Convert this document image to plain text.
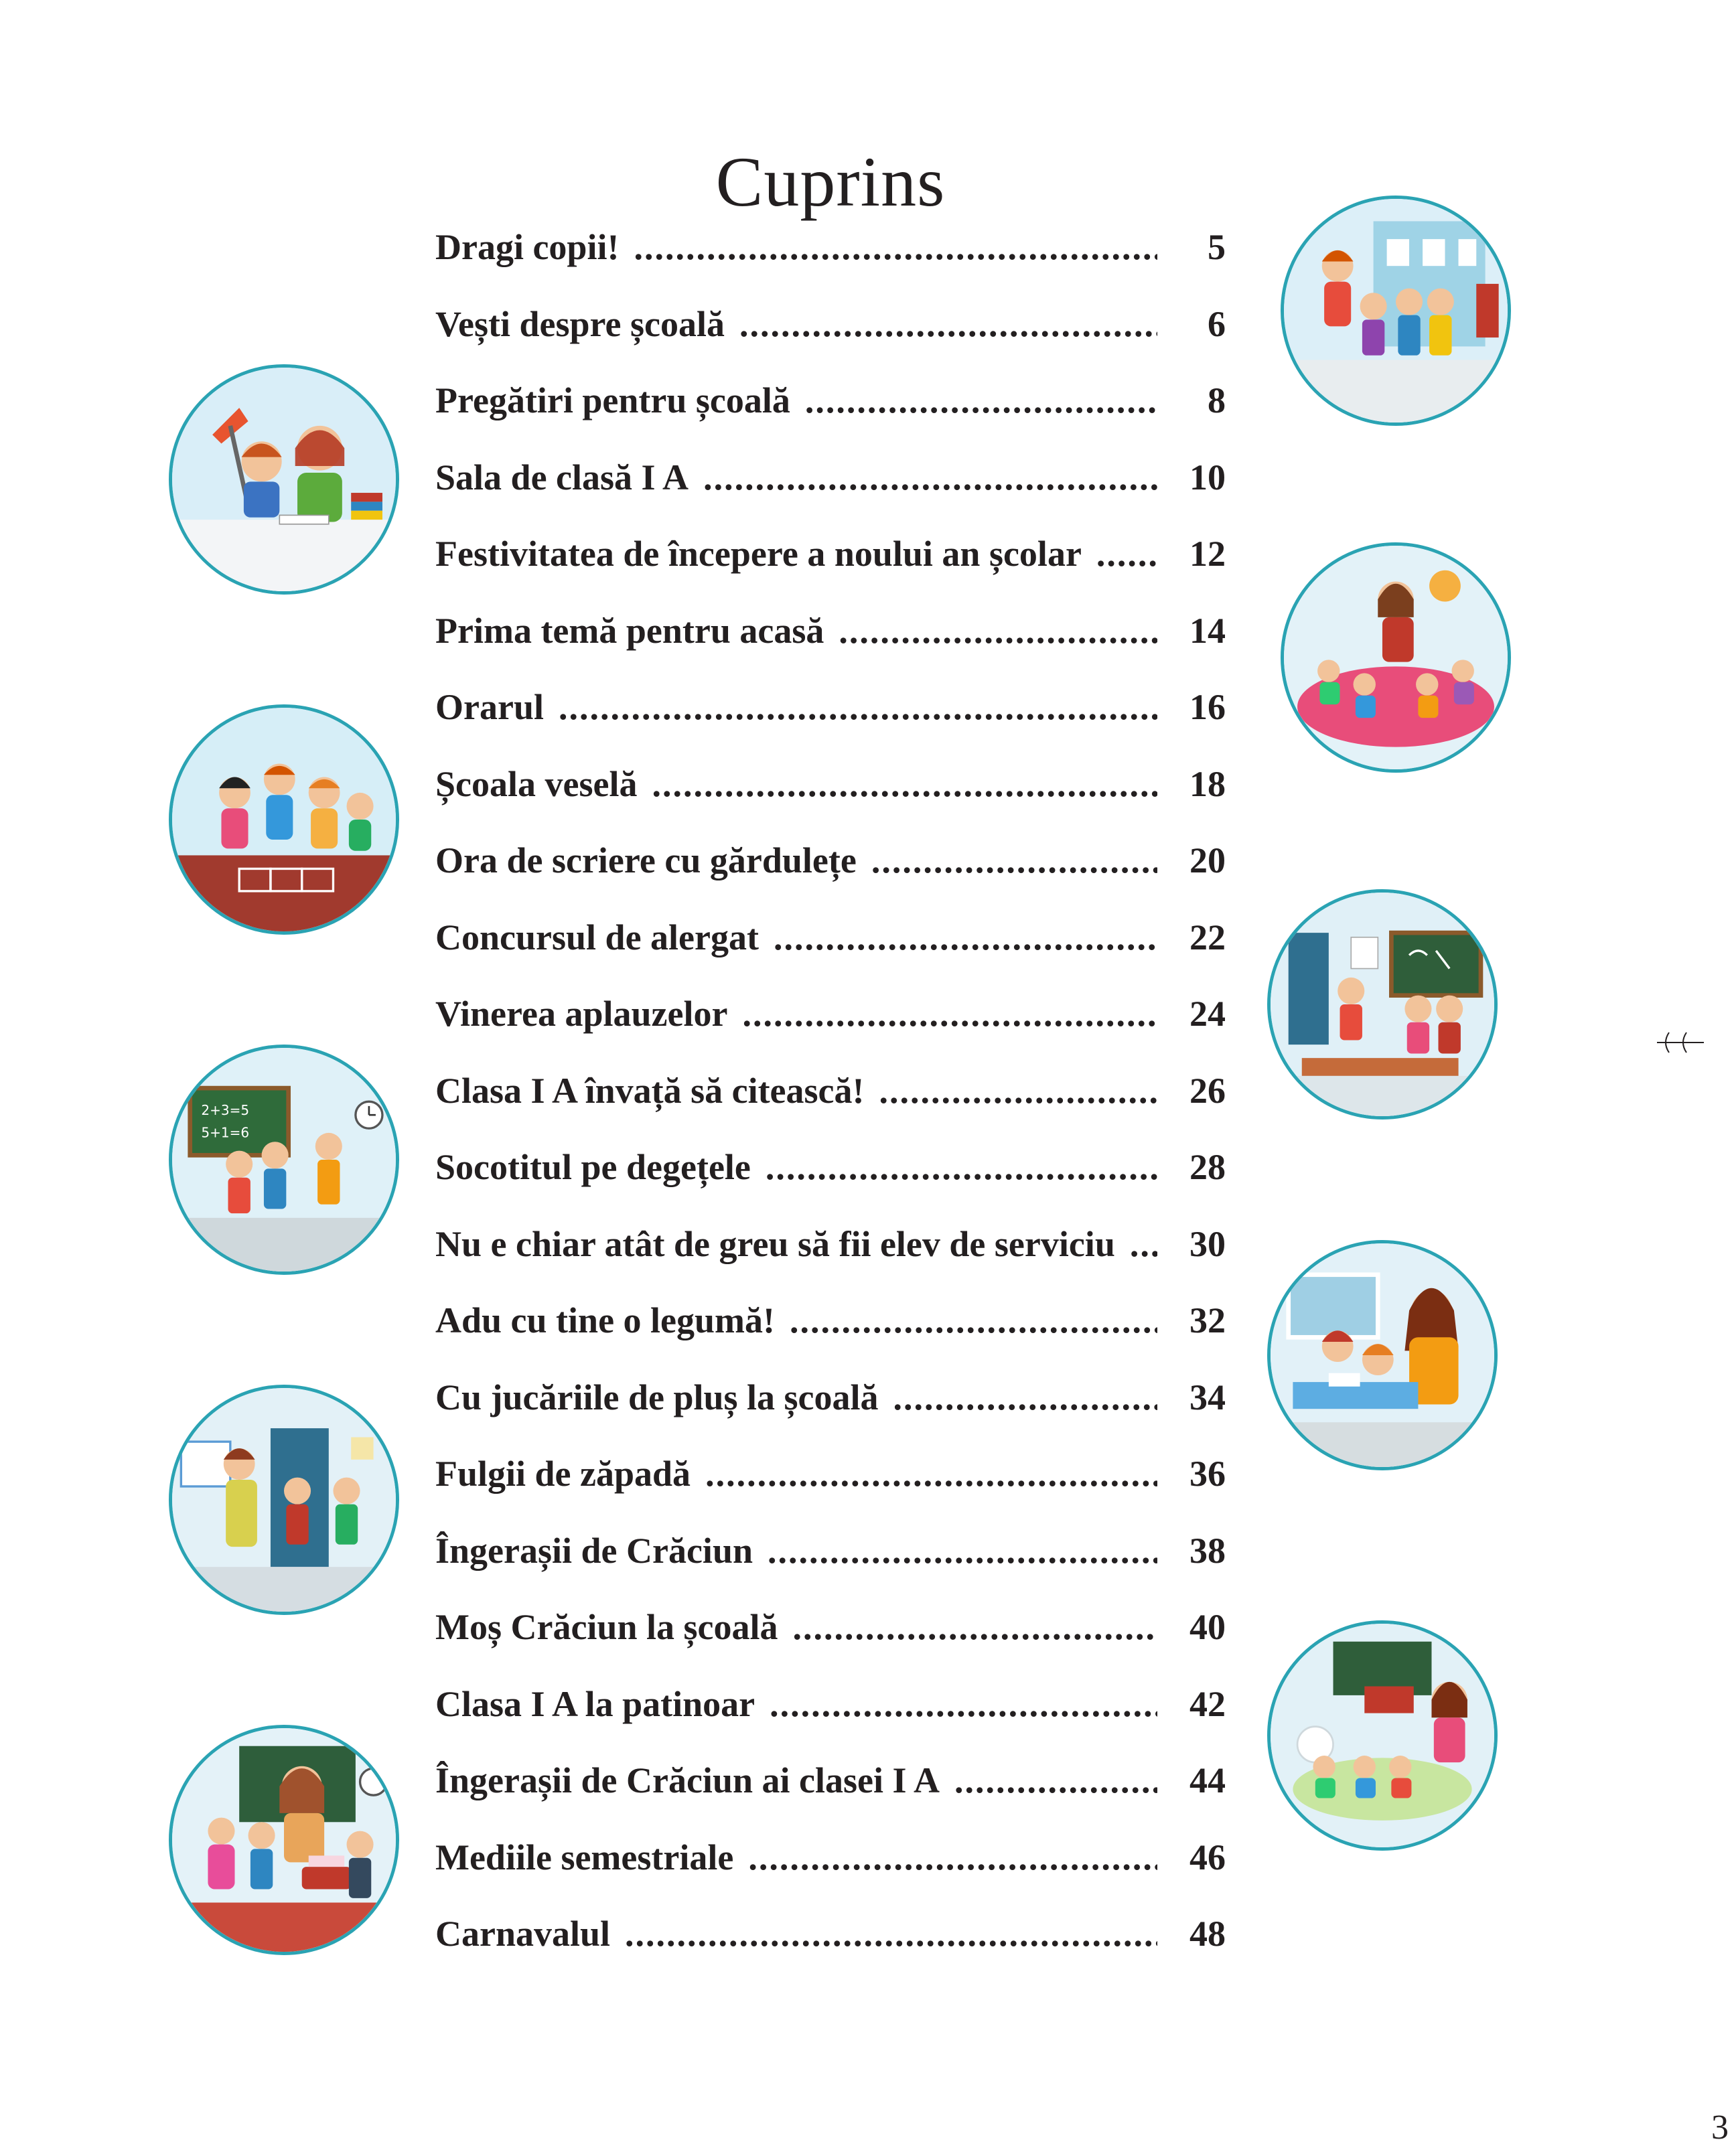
Cuprins
Dragi copii! .....	5
Vești despre școală .....	6
Pregătiri pentru școală .....	8
Sala de clasă I A .....	10
Festivitatea de începere a noului an școlar .....	12
Prima temă pentru acasă .....	14
Orarul .....	16
Școala veselă .....	18
Ora de scriere cu gărdulețe .....	20
Concursul de alergat .....	22
Vinerea aplauzelor .....	24
Clasa I A învață să citească! .....	26
Socotitul pe degețele .....	28
Nu e chiar atât de greu să fii elev de serviciu .....	30
Adu cu tine o legumă! .....	32
Cu jucăriile de pluș la școală .....	34
Fulgii de zăpadă .....	36
Îngerașii de Crăciun .....	38
Moș Crăciun la școală .....	40
Clasa I A la patinoar .....	42
Îngerașii de Crăciun ai clasei I A .....	44
Mediile semestriale .....	46
Carnavalul .....	48
2+3=5
5+1=6
3
